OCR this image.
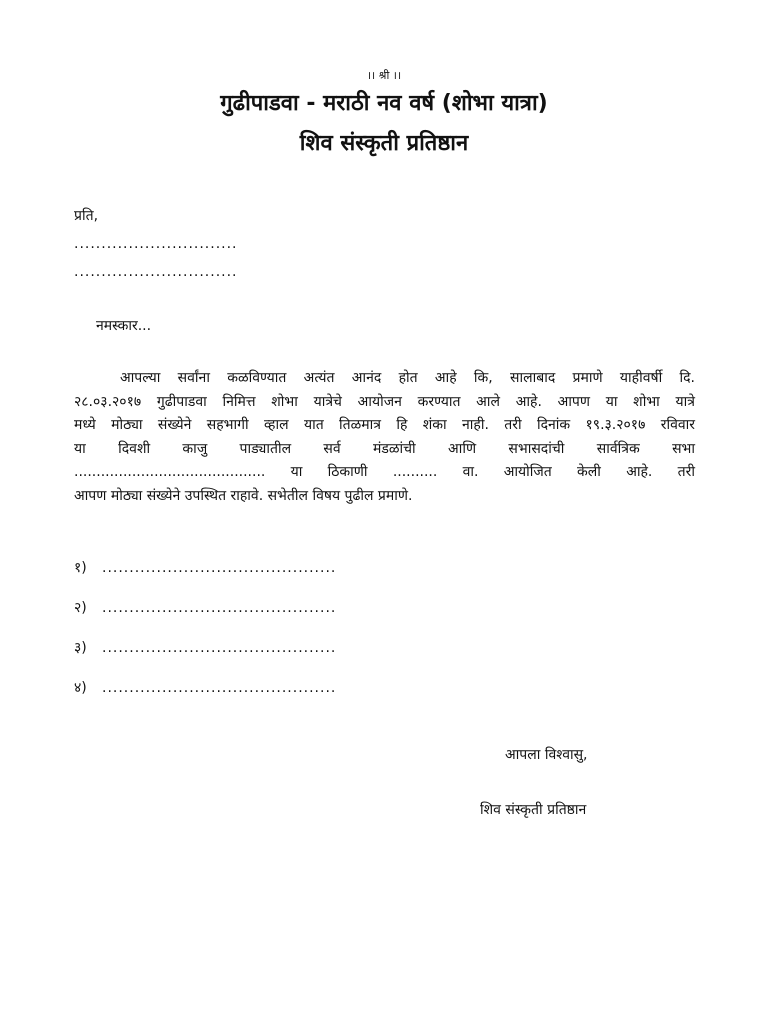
।। श्री ।।
गुढीपाडवा - मराठी नव वर्ष (शोभा यात्रा)
शिव संस्कृती प्रतिष्ठान
प्रति,
..............................
..............................
नमस्कार...
आपल्या सर्वांना कळविण्यात अत्यंत आनंद होत आहे कि, सालाबाद प्रमाणे याहीवर्षी दि.
२८.०३.२०१७ गुढीपाडवा निमित्त शोभा यात्रेचे आयोजन करण्यात आले आहे. आपण या शोभा यात्रे
मध्ये मोठ्या संख्येने सहभागी व्हाल यात तिळमात्र हि शंका नाही. तरी दिनांक १९.३.२०१७ रविवार
या दिवशी काजु पाड्यातील सर्व मंडळांची आणि सभासदांची सार्वत्रिक सभा
........................................... या ठिकाणी .......... वा. आयोजित केली आहे. तरी
आपण मोठ्या संख्येने उपस्थित राहावे. सभेतील विषय पुढील प्रमाणे.
१) ...........................................
२) ...........................................
३) ...........................................
४) ...........................................
आपला विश्वासु,
शिव संस्कृती प्रतिष्ठान
